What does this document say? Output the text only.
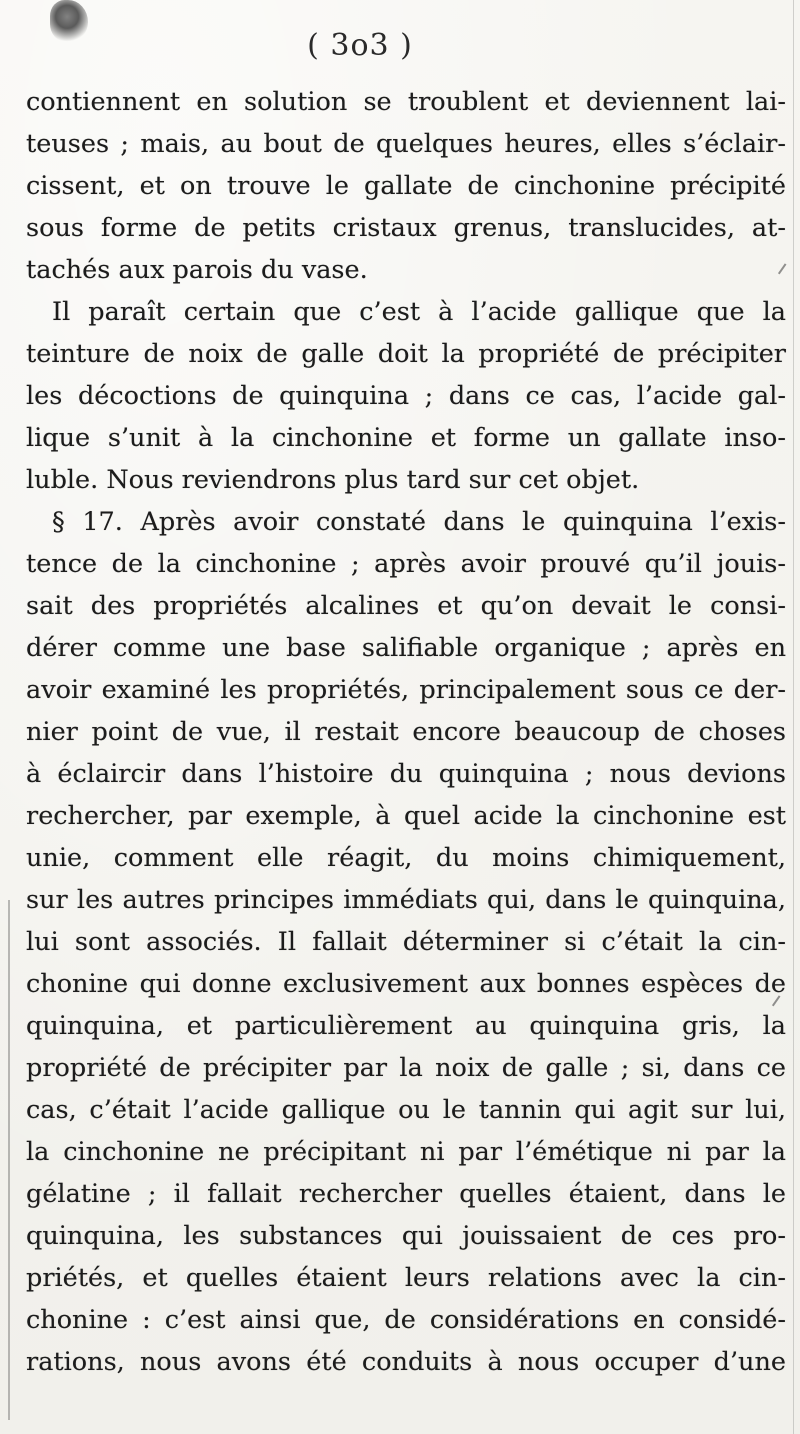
( 3o3 )
contiennent en solution se troublent et deviennent lai-
teuses ; mais, au bout de quelques heures, elles s’éclair-
cissent, et on trouve le gallate de cinchonine précipité
sous forme de petits cristaux grenus, translucides, at-
tachés aux parois du vase.
Il paraît certain que c’est à l’acide gallique que la
teinture de noix de galle doit la propriété de précipiter
les décoctions de quinquina ; dans ce cas, l’acide gal-
lique s’unit à la cinchonine et forme un gallate inso-
luble. Nous reviendrons plus tard sur cet objet.
§ 17. Après avoir constaté dans le quinquina l’exis-
tence de la cinchonine ; après avoir prouvé qu’il jouis-
sait des propriétés alcalines et qu’on devait le consi-
dérer comme une base salifiable organique ; après en
avoir examiné les propriétés, principalement sous ce der-
nier point de vue, il restait encore beaucoup de choses
à éclaircir dans l’histoire du quinquina ; nous devions
rechercher, par exemple, à quel acide la cinchonine est
unie, comment elle réagit, du moins chimiquement,
sur les autres principes immédiats qui, dans le quinquina,
lui sont associés. Il fallait déterminer si c’était la cin-
chonine qui donne exclusivement aux bonnes espèces de
quinquina, et particulièrement au quinquina gris, la
propriété de précipiter par la noix de galle ; si, dans ce
cas, c’était l’acide gallique ou le tannin qui agit sur lui,
la cinchonine ne précipitant ni par l’émétique ni par la
gélatine ; il fallait rechercher quelles étaient, dans le
quinquina, les substances qui jouissaient de ces pro-
priétés, et quelles étaient leurs relations avec la cin-
chonine : c’est ainsi que, de considérations en considé-
rations, nous avons été conduits à nous occuper d’une
